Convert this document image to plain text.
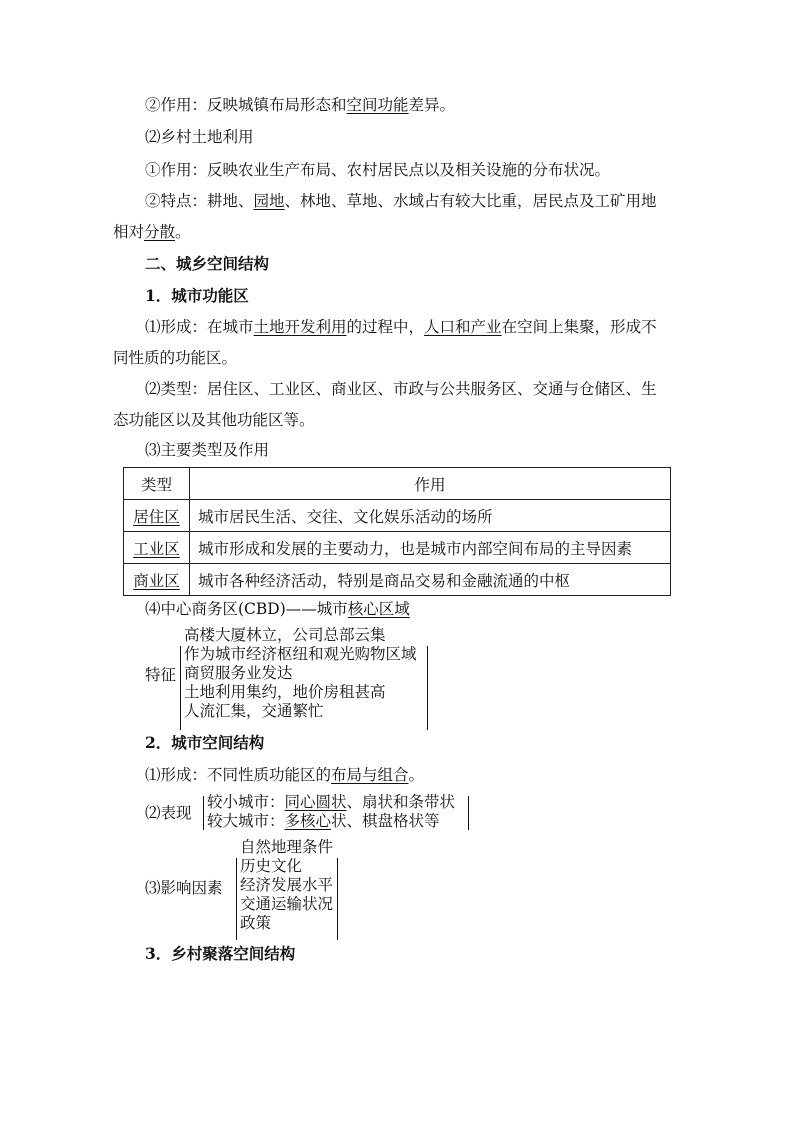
②作用：反映城镇布局形态和空间功能差异。
⑵乡村土地利用
①作用：反映农业生产布局、农村居民点以及相关设施的分布状况。
②特点：耕地、园地、林地、草地、水域占有较大比重，居民点及工矿用地
相对分散。
二、城乡空间结构
1．城市功能区
⑴形成：在城市土地开发利用的过程中，人口和产业在空间上集聚，形成不
同性质的功能区。
⑵类型：居住区、工业区、商业区、市政与公共服务区、交通与仓储区、生
态功能区以及其他功能区等。
⑶主要类型及作用
类型	作用
居住区	城市居民生活、交往、文化娱乐活动的场所
工业区	城市形成和发展的主要动力，也是城市内部空间布局的主导因素
商业区	城市各种经济活动，特别是商品交易和金融流通的中枢
⑷中心商务区(CBD)——城市核心区域
特征
高楼大厦林立，公司总部云集
作为城市经济枢纽和观光购物区域
商贸服务业发达
土地利用集约，地价房租甚高
人流汇集，交通繁忙
2．城市空间结构
⑴形成：不同性质功能区的布局与组合。
⑵表现
较小城市：同心圆状、扇状和条带状
较大城市：多核心状、棋盘格状等
⑶影响因素
自然地理条件
历史文化
经济发展水平
交通运输状况
政策
3．乡村聚落空间结构
